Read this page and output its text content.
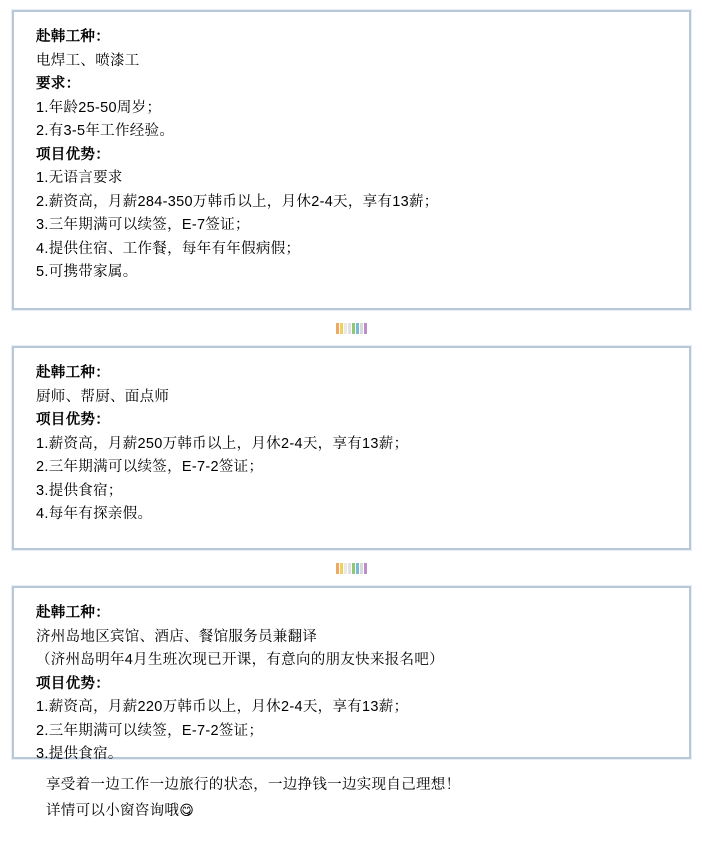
赴韩工种：
电焊工、喷漆工
要求：
1.年龄25-50周岁；
2.有3-5年工作经验。
项目优势：
1.无语言要求
2.薪资高，月薪284-350万韩币以上，月休2-4天，享有13薪；
3.三年期满可以续签，E-7签证；
4.提供住宿、工作餐，每年有年假病假；
5.可携带家属。
赴韩工种：
厨师、帮厨、面点师
项目优势：
1.薪资高，月薪250万韩币以上，月休2-4天，享有13薪；
2.三年期满可以续签，E-7-2签证；
3.提供食宿；
4.每年有探亲假。
赴韩工种：
济州岛地区宾馆、酒店、餐馆服务员兼翻译
（济州岛明年4月生班次现已开课，有意向的朋友快来报名吧）
项目优势：
1.薪资高，月薪220万韩币以上，月休2-4天，享有13薪；
2.三年期满可以续签，E-7-2签证；
3.提供食宿。
享受着一边工作一边旅行的状态，一边挣钱一边实现自己理想！
详情可以小窗咨询哦😋
